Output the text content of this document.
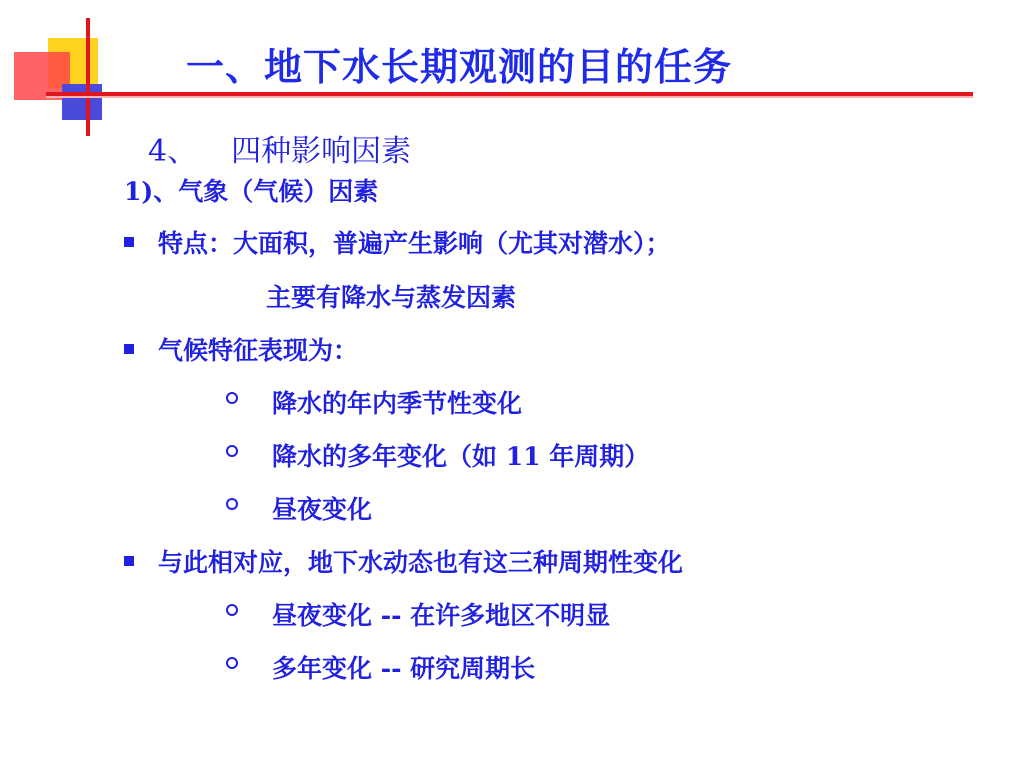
一、地下水长期观测的目的任务
4、 四种影响因素
1)、气象（气候）因素
特点：大面积，普遍产生影响（尤其对潜水）；
主要有降水与蒸发因素
气候特征表现为：
降水的年内季节性变化
降水的多年变化（如 11 年周期）
昼夜变化
与此相对应，地下水动态也有这三种周期性变化
昼夜变化 -- 在许多地区不明显
多年变化 -- 研究周期长
